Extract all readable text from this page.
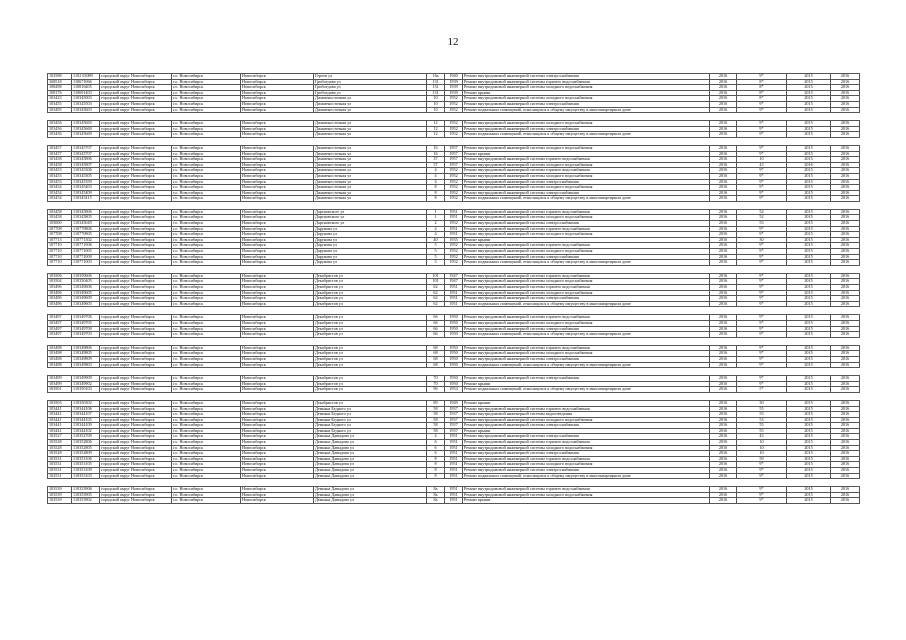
12
103588	1102 03089	городской округ Новосибирск	г.о. Новосибирск	Новосибирск	Героев ул	16а	1940	Ремонт внутридомовой инженерной системы электроснабжения	2016	9*	2015	2016
168518	110671066	городской округ Новосибирск	г.о. Новосибирск	Новосибирск	Грибоедова ул	131	1939	Ремонт внутридомовой инженерной системы горячего водоснабжения	2016	8*	2015	2016
108498	110816405	городской округ Новосибирск	г.о. Новосибирск	Новосибирск	Грибоедова ул	131	1939	Ремонт внутридомовой инженерной системы холодного водоснабжения	2016	8*	2015	2016
108176	110691403	городской округ Новосибирск	г.о. Новосибирск	Новосибирск	Грибоедова ул	131	1939	Ремонт крыши	2016	8*	2015	2016
103423	110345003	городской округ Новосибирск	г.о. Новосибирск	Новосибирск	Дачаменосточная ул	10	1952	Ремонт внутридомовой инженерной системы холодного водоснабжения	2016	8*	2015	2016
103455	110345503	городской округ Новосибирск	г.о. Новосибирск	Новосибирск	Дачаменосточная ул	10	1952	Ремонт внутридомовой инженерной системы электроснабжения	2016	9*	2015	2016
103495	110345603	городской округ Новосибирск	г.о. Новосибирск	Новосибирск	Дачаменосточная ул	10	1952	Ремонт подвальных помещений, относящихся к общему имуществу в многоквартирном доме	2016	9*	2015	2016

103456	110345665	городской округ Новосибирск	г.о. Новосибирск	Новосибирск	Дачаменосточная ул	12	1952	Ремонт внутридомовой инженерной системы холодного водоснабжения	2016	9*	2015	2016
103456	110345669	городской округ Новосибирск	г.о. Новосибирск	Новосибирск	Дачаменосточная ул	12	1952	Ремонт внутридомовой инженерной системы электроснабжения	2016	9*	2015	2016
103456	110345669	городской округ Новосибирск	г.о. Новосибирск	Новосибирск	Дачаменосточная ул	12	1952	Ремонт подвальных помещений, относящихся к общему имуществу в многоквартирном доме	2016	9*	2015	2016

103457	110345707	городской округ Новосибирск	г.о. Новосибирск	Новосибирск	Дачаменосточная ул	16	1957	Ремонт внутридомовой инженерной системы холодного водоснабжения	2016	9*	2015	2016
103457	110345707	городской округ Новосибирск	г.о. Новосибирск	Новосибирск	Дачаменосточная ул	16	1957	Ремонт крыши	2016	9*	2015	2016
103458	110345806	городской округ Новосибирск	г.о. Новосибирск	Новосибирск	Дачаменосточная ул	37	1957	Ремонт внутридомовой инженерной системы горячего водоснабжения	2016	10	2015	2016
103458	110345807	городской округ Новосибирск	г.о. Новосибирск	Новосибирск	Дачаменосточная ул	37	1957	Ремонт внутридомовой инженерной системы холодного водоснабжения	2016	43	2016	2016
103453	110345306	городской округ Новосибирск	г.о. Новосибирск	Новосибирск	Дачаменосточная ул	4	1952	Ремонт внутридомовой инженерной системы горячего водоснабжения	2016	9*	2015	2016
103453	110345305	городской округ Новосибирск	г.о. Новосибирск	Новосибирск	Дачаменосточная ул	4	1952	Ремонт внутридомовой инженерной системы холодного водоснабжения	2016	9*	2015	2016
103453	110345359	городской округ Новосибирск	г.о. Новосибирск	Новосибирск	Дачаменосточная ул	4	1952	Ремонт внутридомовой инженерной системы электроснабжения	2016	9*	2015	2016
103454	110345403	городской округ Новосибирск	г.о. Новосибирск	Новосибирск	Дачаменосточная ул	8	1952	Ремонт внутридомовой инженерной системы холодного водоснабжения	2016	9*	2015	2016
103454	110345409	городской округ Новосибирск	г.о. Новосибирск	Новосибирск	Дачаменосточная ул	8	1952	Ремонт внутридомовой инженерной системы электроснабжения	2016	9*	2015	2016
103454	110345415	городской округ Новосибирск	г.о. Новосибирск	Новосибирск	Дачаменосточная ул	8	1952	Ремонт подвальных помещений, относящихся к общему имуществу в многоквартирном доме	2016	9*	2015	2016

103458	110345806	городской округ Новосибирск	г.о. Новосибирск	Новосибирск	Дартновского ул	1	1951	Ремонт внутридомовой инженерной системы горячего водоснабжения	2016	52	2015	2016
103458	110345805	городской округ Новосибирск	г.о. Новосибирск	Новосибирск	Дартновского ул	1	1951	Ремонт внутридомовой инженерной системы холодного водоснабжения	2016	52	2015	2016
105000	110345049	городской округ Новосибирск	г.о. Новосибирск	Новосибирск	Дартновского ул	2	1952	Ремонт внутридомовой инженерной системы электроснабжения	2016	53	2015	2016
107708	110770806	городской округ Новосибирск	г.о. Новосибирск	Новосибирск	Дарунова ул	4	1951	Ремонт внутридомовой инженерной системы горячего водоснабжения	2016	9*	2015	2016
107708	110770805	городской округ Новосибирск	г.о. Новосибирск	Новосибирск	Дарунова ул	4	1951	Ремонт внутридомовой инженерной системы холодного водоснабжения	2016	9*	2015	2016
107713	110771302	городской округ Новосибирск	г.о. Новосибирск	Новосибирск	Дарунова ул	40	1935	Ремонт крыши	2016	30	2015	2016
107710	110771006	городской округ Новосибирск	г.о. Новосибирск	Новосибирск	Дарунова ул	5	1952	Ремонт внутридомовой инженерной системы горячего водоснабжения	2016	9*	2015	2016
107710	110771005	городской округ Новосибирск	г.о. Новосибирск	Новосибирск	Дарунова ул	5	1952	Ремонт внутридомовой инженерной системы холодного водоснабжения	2016	9*	2015	2016
107710	110771009	городской округ Новосибирск	г.о. Новосибирск	Новосибирск	Дарунова ул	5	1952	Ремонт внутридомовой инженерной системы электроснабжения	2016	9*	2015	2016
107710	110771003	городской округ Новосибирск	г.о. Новосибирск	Новосибирск	Дарунова ул	5	1952	Ремонт подвальных помещений, относящихся к общему имуществу в многоквартирном доме	2016	9*	2015	2016

103506	110350606	городской округ Новосибирск	г.о. Новосибирск	Новосибирск	Декабристов ул	101	1947	Ремонт внутридомовой инженерной системы горячего водоснабжения	2016	9*	2015	2016
103504	110350405	городской округ Новосибирск	г.о. Новосибирск	Новосибирск	Декабристов ул	101	1947	Ремонт внутридомовой инженерной системы холодного водоснабжения	2016	9*	2015	2016
103496	110349606	городской округ Новосибирск	г.о. Новосибирск	Новосибирск	Декабристов ул	62	1951	Ремонт внутридомовой инженерной системы горячего водоснабжения	2016	9*	2015	2016
103496	110349605	городской округ Новосибирск	г.о. Новосибирск	Новосибирск	Декабристов ул	62	1951	Ремонт внутридомовой инженерной системы холодного водоснабжения	2016	9*	2015	2016
103496	110349609	городской округ Новосибирск	г.о. Новосибирск	Новосибирск	Декабристов ул	62	1951	Ремонт внутридомовой инженерной системы электроснабжения	2016	9*	2015	2016
103496	110349603	городской округ Новосибирск	г.о. Новосибирск	Новосибирск	Декабристов ул	62	1951	Ремонт подвальных помещений, относящихся к общему имуществу в многоквартирном доме	2016	9*	2015	2016

103497	110349706	городской округ Новосибирск	г.о. Новосибирск	Новосибирск	Декабристов ул	66	1950	Ремонт внутридомовой инженерной системы горячего водоснабжения	2016	9*	2015	2016
103497	110349705	городской округ Новосибирск	г.о. Новосибирск	Новосибирск	Декабристов ул	66	1950	Ремонт внутридомовой инженерной системы холодного водоснабжения	2016	9*	2015	2016
103497	110349709	городской округ Новосибирск	г.о. Новосибирск	Новосибирск	Декабристов ул	66	1950	Ремонт внутридомовой инженерной системы электроснабжения	2016	9*	2015	2016
103497	110349703	городской округ Новосибирск	г.о. Новосибирск	Новосибирск	Декабристов ул	66	1950	Ремонт подвальных помещений, относящихся к общему имуществу в многоквартирном доме	2016	9*	2015	2016

103498	110349806	городской округ Новосибирск	г.о. Новосибирск	Новосибирск	Декабристов ул	68	1950	Ремонт внутридомовой инженерной системы горячего водоснабжения	2016	9*	2015	2016
103498	110349805	городской округ Новосибирск	г.о. Новосибирск	Новосибирск	Декабристов ул	68	1950	Ремонт внутридомовой инженерной системы холодного водоснабжения	2016	9*	2015	2016
103498	110349809	городской округ Новосибирск	г.о. Новосибирск	Новосибирск	Декабристов ул	68	1950	Ремонт внутридомовой инженерной системы электроснабжения	2016	9*	2015	2016
103498	110349803	городской округ Новосибирск	г.о. Новосибирск	Новосибирск	Декабристов ул	68	1950	Ремонт подвальных помещений, относящихся к общему имуществу в многоквартирном доме	2016	9*	2015	2016

103499	110349909	городской округ Новосибирск	г.о. Новосибирск	Новосибирск	Декабристов ул	70	1950	Ремонт внутридомовой инженерной системы электроснабжения	2016	9*	2015	2016
103499	110349902	городской округ Новосибирск	г.о. Новосибирск	Новосибирск	Декабристов ул	70	1950	Ремонт крыши	2016	9*	2015	2016
103501	110350103	городской округ Новосибирск	г.о. Новосибирск	Новосибирск	Декабристов ул	96	1954	Ремонт подвальных помещений, относящихся к общему имуществу в многоквартирном доме	2016	5*	2015	2016

103503	110350302	городской округ Новосибирск	г.о. Новосибирск	Новосибирск	Декабристов ул	89	1949	Ремонт крыши	2016	30	2015	2016
103441	110344106	городской округ Новосибирск	г.о. Новосибирск	Новосибирск	Демьяна Бедного ул	58	1937	Ремонт внутридомовой инженерной системы горячего водоснабжения	2016	55	2015	2016
103441	110344107	городской округ Новосибирск	г.о. Новосибирск	Новосибирск	Демьяна Бедного ул	58	1937	Ремонт внутридомовой инженерной системы водоотведения	2016	53	2015	2016
103441	110344105	городской округ Новосибирск	г.о. Новосибирск	Новосибирск	Демьяна Бедного ул	58	1937	Ремонт внутридомовой инженерной системы холодного водоснабжения	2016	53	2015	2016
103441	110344109	городской округ Новосибирск	г.о. Новосибирск	Новосибирск	Демьяна Бедного ул	58	1937	Ремонт внутридомовой инженерной системы электроснабжения	2016	55	2015	2016
103441	110344102	городской округ Новосибирск	г.о. Новосибирск	Новосибирск	Демьяна Бедного ул	58	1937	Ремонт крыши	2016	55	2015	2016
103527	110352709	городской округ Новосибирск	г.о. Новосибирск	Новосибирск	Демьяна Давыдова ул	4	1951	Ремонт внутридомовой инженерной системы электроснабжения	2016	43	2015	2016
103528	110352806	городской округ Новосибирск	г.о. Новосибирск	Новосибирск	Демьяна Давыдова ул	6	1951	Ремонт внутридомовой инженерной системы горячего водоснабжения	2016	10	2015	2016
103528	110352805	городской округ Новосибирск	г.о. Новосибирск	Новосибирск	Демьяна Давыдова ул	6	1951	Ремонт внутридомовой инженерной системы холодного водоснабжения	2016	10	2015	2016
103528	110352809	городской округ Новосибирск	г.о. Новосибирск	Новосибирск	Демьяна Давыдова ул	6	1951	Ремонт внутридомовой инженерной системы электроснабжения	2016	10	2015	2016
103531	110353106	городской округ Новосибирск	г.о. Новосибирск	Новосибирск	Демьяна Давыдова ул	8	1951	Ремонт внутридомовой инженерной системы горячего водоснабжения	2016	59	2015	2016
103531	110353105	городской округ Новосибирск	г.о. Новосибирск	Новосибирск	Демьяна Давыдова ул	8	1951	Ремонт внутридомовой инженерной системы холодного водоснабжения	2016	9*	2015	2016
103531	110353109	городской округ Новосибирск	г.о. Новосибирск	Новосибирск	Демьяна Давыдова ул	8	1951	Ремонт внутридомовой инженерной системы электроснабжения	2016	9*	2015	2016
103531	110353103	городской округ Новосибирск	г.о. Новосибирск	Новосибирск	Демьяна Давыдова ул	8	1951	Ремонт подвальных помещений, относящихся к общему имуществу в многоквартирном доме	2016	9*	2015	2016

103539	110353906	городской округ Новосибирск	г.о. Новосибирск	Новосибирск	Демьяна Давыдова ул	8а	1951	Ремонт внутридомовой инженерной системы горячего водоснабжения	2016	9*	2015	2016
103539	110353905	городской округ Новосибирск	г.о. Новосибирск	Новосибирск	Демьяна Давыдова ул	8а	1951	Ремонт внутридомовой инженерной системы холодного водоснабжения	2016	9*	2015	2016
103539	110353902	городской округ Новосибирск	г.о. Новосибирск	Новосибирск	Демьяна Давыдова ул	8а	1951	Ремонт крыши	2016	9*	2015	2016
